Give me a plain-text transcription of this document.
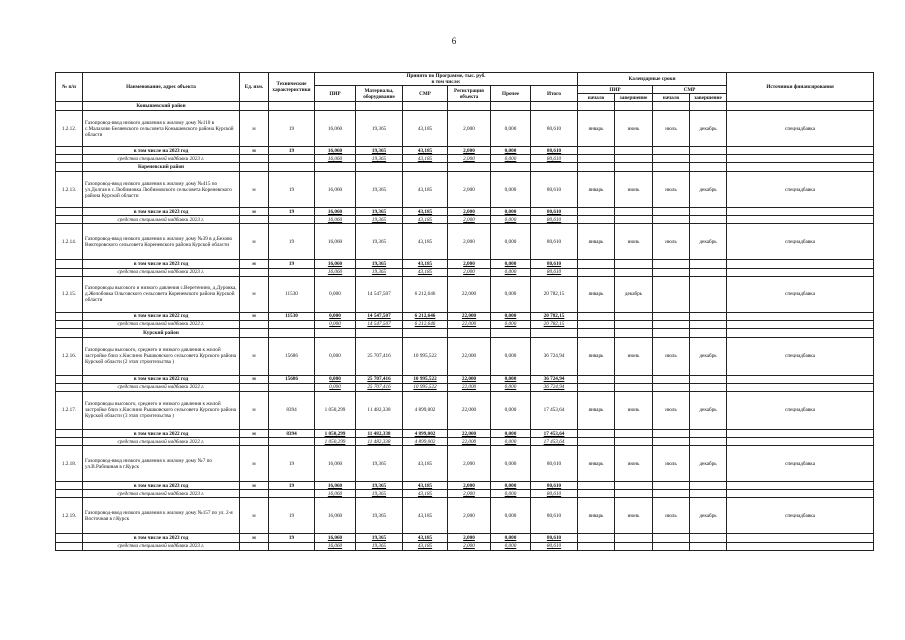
6
№ п/п	Наименование, адрес объекта	Ед. изм.	Технические характеристики	Принято по Программе, тыс. руб.
в том числе:						Календарные сроки				Источники финансирования
				ПИР	Материалы, оборудование	СМР	Регистрация объекта	Прочее	Итого	ПИР		СМР		
										начало	завершение	начало	завершение	
	Конышевский район													
1.2.12.	Газопровод-ввод низкого давления к жилому дому №110 в с.Малахово Беляевского сельсовета Конышевского района Курской области	м	19	16,060	19,365	43,185	2,000	0,000	80,610	январь	июнь	июль	декабрь	спецнадбавка
	в том числе на 2023 год	м	19	16,060	19,365	43,185	2,000	0,000	80,610					
	средства специальной надбавки 2023 г.			16,060	19,365	43,185	2,000	0,000	80,610					
	Кореневский район													
1.2.13.	Газопровод-ввод низкого давления к жилому дому №415 по ул.Долгая в с.Любимовка Любимовского сельсовета Кореневского района Курской области	м	19	16,060	19,365	43,185	2,000	0,000	80,610	январь	июнь	июль	декабрь	спецнадбавка
	в том числе на 2023 год	м	19	16,060	19,365	43,185	2,000	0,000	80,610					
	средства специальной надбавки 2023 г.			16,060	19,365	43,185	2,000	0,000	80,610					
1.2.14.	Газопровод-ввод низкого давления к жилому дому №39 в д.Бехово Викторовского сельсовета Кореневского района Курской области	м	19	16,060	19,365	43,185	2,000	0,000	80,610	январь	июнь	июль	декабрь	спецнадбавка
	в том числе на 2023 год	м	19	16,060	19,365	43,185	2,000	0,000	80,610					
	средства специальной надбавки 2023 г.			16,060	19,365	43,185	2,000	0,000	80,610					
1.2.15.	Газопроводы высокого и низкого давления с.Веретенино, д.Дуровка, д.Желобовка Ольговского сельсовета Кореневского района Курской области	м	11530	0,000	14 547,507	6 212,646	22,000	0,000	20 782,15	январь	декабрь			спецнадбавка
	в том числе на 2022 год	м	11530	0,000	14 547,507	6 212,646	22,000	0,000	20 782,15					
	средства специальной надбавки 2022 г.			0,000	14 547,507	6 212,646	22,000	0,000	20 782,15					
	Курский район													
1.2.16.	Газопроводы высокого, среднего и низкого давления к жилой застройке близ х.Кислино Рышковского сельсовета Курского района Курской области (2 этап строительства )	м	15686	0,000	25 707,416	10 995,522	22,000	0,000	36 724,94	январь	июнь	июль	декабрь	спецнадбавка
	в том числе на 2022 год	м	15686	0,000	25 707,416	10 995,522	22,000	0,000	36 724,94					
	средства специальной надбавки 2022 г.			0,000	25 707,416	10 995,522	22,000	0,000	36 724,94					
1.2.17.	Газопроводы высокого, среднего и низкого давления к жилой застройке близ х.Кислино Рышковского сельсовета Курского района Курской области (3 этап строительства )	м	8394	1 050,299	11 482,338	4 899,002	22,000	0,000	17 453,64	январь	июнь	июль	декабрь	спецнадбавка
	в том числе на 2022 год	м	8394	1 050,299	11 482,338	4 899,002	22,000	0,000	17 453,64					
	средства специальной надбавки 2022 г.			1 050,299	11 482,338	4 899,002	22,000	0,000	17 453,64					
1.2.18.	Газопровод-ввод низкого давления к жилому дому №7 по ул.В.Рабишная в г.Курск	м	19	16,060	19,365	43,185	2,000	0,000	80,610	январь	июнь	июль	декабрь	спецнадбавка
	в том числе на 2023 год	м	19	16,060	19,365	43,185	2,000	0,000	80,610					
	средства специальной надбавки 2023 г.			16,060	19,365	43,185	2,000	0,000	80,610					
1.2.19.	Газопровод-ввод низкого давления к жилому дому №157 по ул. 2-я Восточная в г.Курск	м	19	16,060	19,365	43,185	2,000	0,000	80,610	январь	июнь	июль	декабрь	спецнадбавка
	в том числе на 2023 год	м	19	16,060	19,365	43,185	2,000	0,000	80,610					
	средства специальной надбавки 2023 г.			16,060	19,365	43,185	2,000	0,000	80,610					
